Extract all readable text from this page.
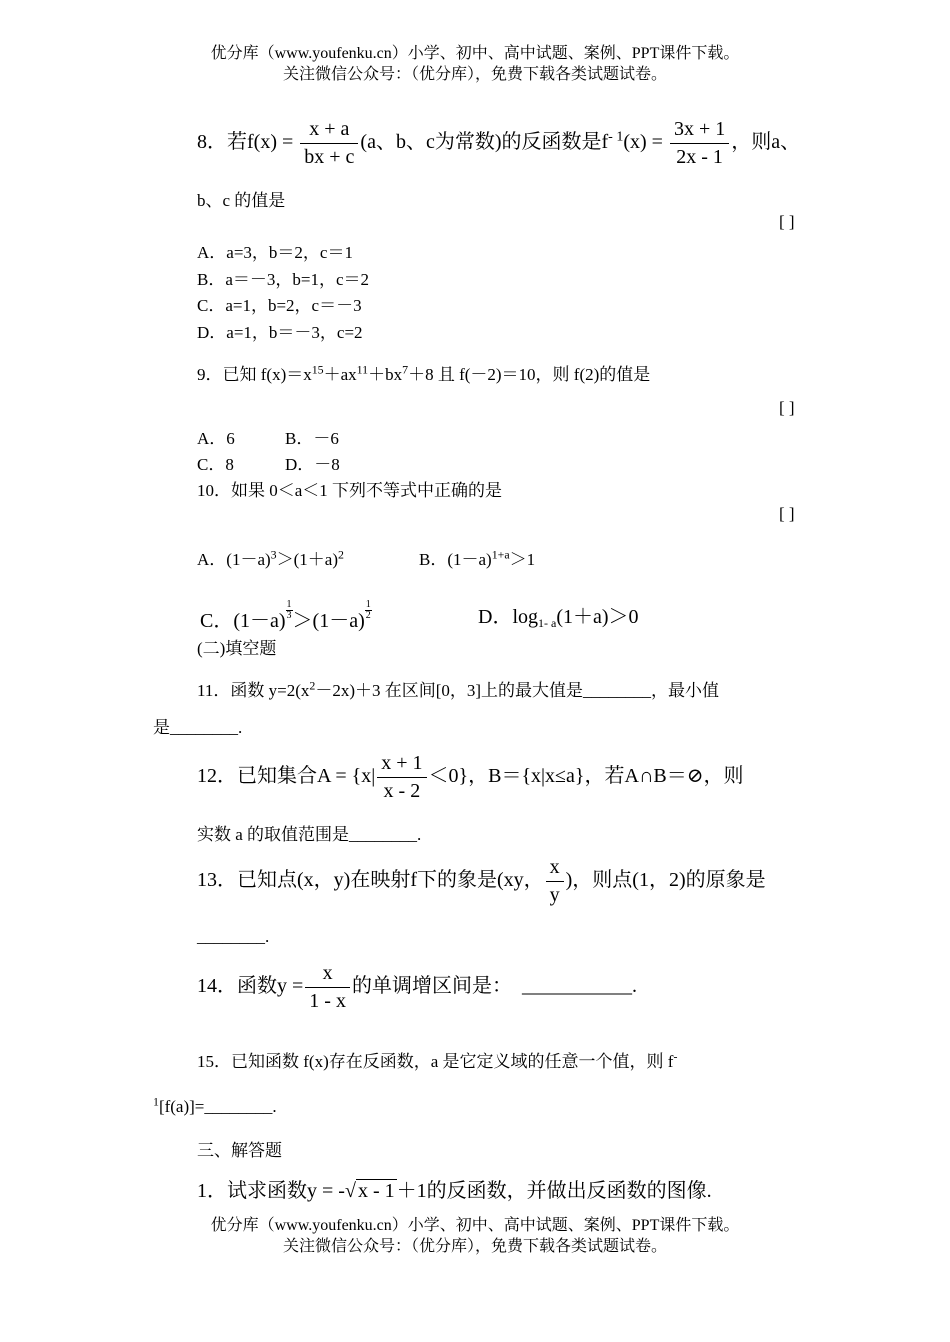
优分库（www.youfenku.cn）小学、初中、高中试题、案例、PPT课件下载。
关注微信公众号：（优分库），免费下载各类试题试卷。
8．若$f(x) = \frac{x + a}{bx + c} (a$、b、c为常数)的反函数是$f^{- 1}(x) = \frac{3x + 1}{2x - 1}$ ，则a、
b、c 的值是
[ ]
A．a=3，b＝2，c＝1
B．a＝－3，b=1，c＝2
C．a=1，b=2，c＝－3
D．a=1，b＝－3，c=2
9．已知 $f(x)=x^{15}+ax^{11}+bx^7+8$ 且 f(－2)＝10，则 f(2)的值是
[ ]
A．6	B．－6
C．8	D．－8
10．如果 0＜a＜1 下列不等式中正确的是
[ ]
A．$(1-a)^3>(1+a)^2$	B．$(1-a)^{1+a}>1$
C．$(1-a) \frac{1}{3} >(1-a) \frac{1}{2}$	D．$\log_{1- a}(1+a)>0$
(二)填空题
11．函数 $y=2(x^2-2x)+3$ 在区间[0，3]上的最大值是________，最小值
是________.
12．已知集合$A = \{x| \frac{x + 1}{x - 2} <0\}$，B＝{x|x≤a}，若A∩B＝⊘，则
实数 a 的取值范围是________.
13．已知点(x，y)在映射f下的象是(xy， $\frac{x}{y}$ )，则点(1，2)的原象是
________.
14．函数$y = \frac{x}{1 - x}$ 的单调增区间是： ___________.
15．已知函数 f(x)存在反函数，a 是它定义域的任意一个值，则 f-
$^1$[f(a)]=________.
三、解答题
1．试求函数y = -√ x - 1 ＋1的反函数，并做出反函数的图像.
优分库（www.youfenku.cn）小学、初中、高中试题、案例、PPT课件下载。
关注微信公众号：（优分库），免费下载各类试题试卷。
